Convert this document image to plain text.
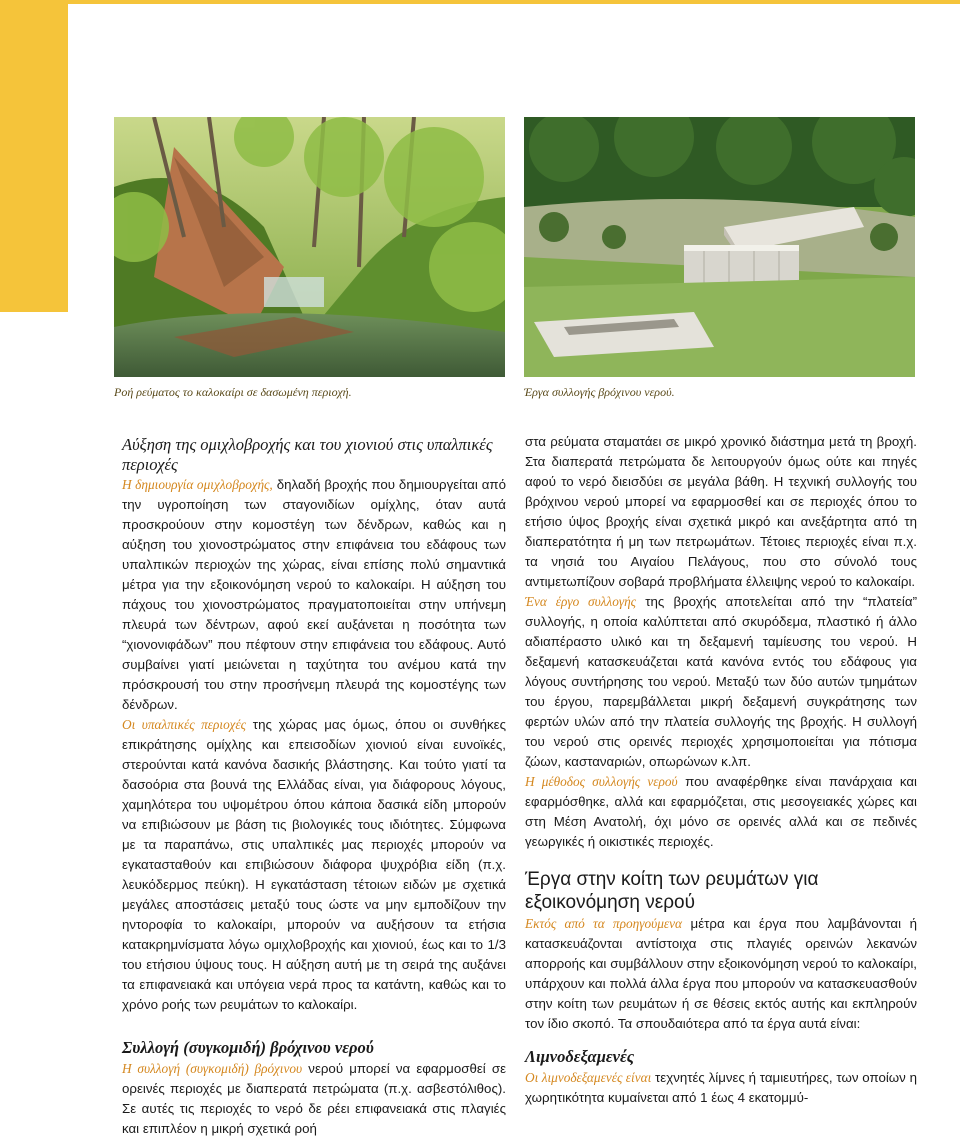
Ροή ρεύματος το καλοκαίρι σε δασωμένη περιοχή.	Έργα συλλογής βρόχινου νερού.
Αύξηση της ομιχλοβροχής και του χιονιού στις υπαλπικές περιοχές

Η δημιουργία ομιχλοβροχής, δηλαδή βροχής που δημιουργείται από την υγροποίηση των σταγονιδίων ομίχλης, όταν αυτά προσκρούουν στην κομοστέγη των δένδρων, καθώς και η αύξηση του χιονοστρώματος στην επιφάνεια του εδάφους των υπαλπικών περιοχών της χώρας, είναι επίσης πολύ σημαντικά μέτρα για την εξοικονόμηση νερού το καλοκαίρι. Η αύξηση του πάχους του χιονοστρώματος πραγματοποιείται στην υπήνεμη πλευρά των δέντρων, αφού εκεί αυξάνεται η ποσότητα των “χιονονιφάδων” που πέφτουν στην επιφάνεια του εδάφους. Αυτό συμβαίνει γιατί μειώνεται η ταχύτητα του ανέμου κατά την πρόσκρουσή του στην προσήνεμη πλευρά της κομοστέγης των δένδρων.

Οι υπαλπικές περιοχές της χώρας μας όμως, όπου οι συνθήκες επικράτησης ομίχλης και επεισοδίων χιονιού είναι ευνοϊκές, στερούνται κατά κανόνα δασικής βλάστησης. Και τούτο γιατί τα δασοόρια στα βουνά της Ελλάδας είναι, για διάφορους λόγους, χαμηλότερα του υψομέτρου όπου κάποια δασικά είδη μπορούν να επιβιώσουν με βάση τις βιολογικές τους ιδιότητες. Σύμφωνα με τα παραπάνω, στις υπαλπικές μας περιοχές μπορούν να εγκατασταθούν και επιβιώσουν διάφορα ψυχρόβια είδη (π.χ. λευκόδερμος πεύκη). Η εγκατάσταση τέτοιων ειδών με σχετικά μεγάλες αποστάσεις μεταξύ τους ώστε να μην εμποδίζουν την ηντοροφία το καλοκαίρι, μπορούν να αυξήσουν τα ετήσια κατακρημνίσματα λόγω ομιχλοβροχής και χιονιού, έως και το 1/3 του ετήσιου ύψους τους. Η αύξηση αυτή με τη σειρά της αυξάνει τα επιφανειακά και υπόγεια νερά προς τα κατάντη, καθώς και το χρόνο ροής των ρευμάτων το καλοκαίρι.

Συλλογή (συγκομιδή) βρόχινου νερού

Η συλλογή (συγκομιδή) βρόχινου νερού μπορεί να εφαρμοσθεί σε ορεινές περιοχές με διαπερατά πετρώματα (π.χ. ασβεστόλιθος). Σε αυτές τις περιοχές το νερό δε ρέει επιφανειακά στις πλαγιές και επιπλέον η μικρή σχετικά ροή

στα ρεύματα σταματάει σε μικρό χρονικό διάστημα μετά τη βροχή. Στα διαπερατά πετρώματα δε λειτουργούν όμως ούτε και πηγές αφού το νερό διεισδύει σε μεγάλα βάθη. Η τεχνική συλλογής του βρόχινου νερού μπορεί να εφαρμοσθεί και σε περιοχές όπου το ετήσιο ύψος βροχής είναι σχετικά μικρό και ανεξάρτητα από τη διαπερατότητα ή μη των πετρωμάτων. Τέτοιες περιοχές είναι π.χ. τα νησιά του Αιγαίου Πελάγους, που στο σύνολό τους αντιμετωπίζουν σοβαρά προβλήματα έλλειψης νερού το καλοκαίρι.

Ένα έργο συλλογής της βροχής αποτελείται από την “πλατεία” συλλογής, η οποία καλύπτεται από σκυρόδεμα, πλαστικό ή άλλο αδιαπέραστο υλικό και τη δεξαμενή ταμίευσης του νερού. Η δεξαμενή κατασκευάζεται κατά κανόνα εντός του εδάφους για λόγους συντήρησης του νερού. Μεταξύ των δύο αυτών τμημάτων του έργου, παρεμβάλλεται μικρή δεξαμενή συγκράτησης των φερτών υλών από την πλατεία συλλογής της βροχής. Η συλλογή του νερού στις ορεινές περιοχές χρησιμοποιείται για πότισμα ζώων, κασταναριών, οπωρώνων κ.λπ.

Η μέθοδος συλλογής νερού που αναφέρθηκε είναι πανάρχαια και εφαρμόσθηκε, αλλά και εφαρμόζεται, στις μεσογειακές χώρες και στη Μέση Ανατολή, όχι μόνο σε ορεινές αλλά και σε πεδινές γεωργικές ή οικιστικές περιοχές.

Έργα στην κοίτη των ρευμάτων για εξοικονόμηση νερού

Εκτός από τα προηγούμενα μέτρα και έργα που λαμβάνονται ή κατασκευάζονται αντίστοιχα στις πλαγιές ορεινών λεκανών απορροής και συμβάλλουν στην εξοικονόμηση νερού το καλοκαίρι, υπάρχουν και πολλά άλλα έργα που μπορούν να κατασκευασθούν στην κοίτη των ρευμάτων ή σε θέσεις εκτός αυτής και εκπληρούν τον ίδιο σκοπό. Τα σπουδαιότερα από τα έργα αυτά είναι:

Λιμνοδεξαμενές

Οι λιμνοδεξαμενές είναι τεχνητές λίμνες ή ταμιευτήρες, των οποίων η χωρητικότητα κυμαίνεται από 1 έως 4 εκατομμύ-
